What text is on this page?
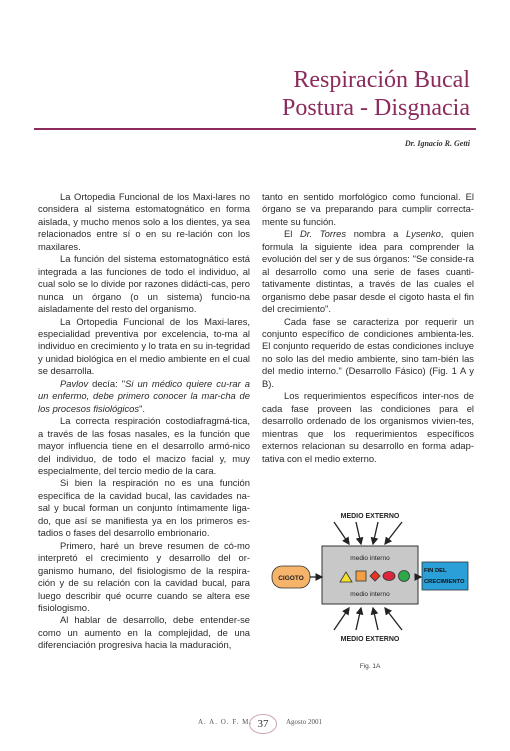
Respiración Bucal
Postura - Disgnacia
Dr. Ignacio R. Getti

La Ortopedia Funcional de los Maxi-lares no considera al sistema estomatognático en forma aislada, y mucho menos solo a los dientes, ya sea relacionados entre sí o en su re-lación con los maxilares.

La función del sistema estomatognático está integrada a las funciones de todo el individuo, al cual solo se lo divide por razones didácti-cas, pero nunca un órgano (o un sistema) funcio-na aisladamente del resto del organismo.

La Ortopedia Funcional de los Maxi-lares, especialidad preventiva por excelencia, to-ma al individuo en crecimiento y lo trata en su in-tegridad y unidad biológica en el medio ambiente en el cual se desarrolla.

Pavlov decía: "Si un médico quiere cu-rar a un enfermo, debe primero conocer la mar-cha de los procesos fisiológicos".

La correcta respiración costodiafragmá-tica, a través de las fosas nasales, es la función que mayor influencia tiene en el desarrollo armó-nico del individuo, de todo el macizo facial y, muy especialmente, del tercio medio de la cara.

Si bien la respiración no es una función específica de la cavidad bucal, las cavidades na-sal y bucal forman un conjunto íntimamente liga-do, que así se manifiesta ya en los primeros es-tadios o fases del desarrollo embrionario.

Primero, haré un breve resumen de có-mo interpretó el crecimiento y desarrollo del or-ganismo humano, del fisiologismo de la respira-ción y de su relación con la cavidad bucal, para luego describir qué ocurre cuando se altera ese fisiologismo.

Al hablar de desarrollo, debe entender-se como un aumento en la complejidad, de una diferenciación progresiva hacia la maduración,

tanto en sentido morfológico como funcional. El órgano se va preparando para cumplir correcta-mente su función.

El Dr. Torres nombra a Lysenko, quien formula la siguiente idea para comprender la evolución del ser y de sus órganos: "Se conside-ra al desarrollo como una serie de fases cuanti-tativamente distintas, a través de las cuales el organismo debe pasar desde el cigoto hasta el fin del crecimiento".

Cada fase se caracteriza por requerir un conjunto específico de condiciones ambienta-les. El conjunto requerido de estas condiciones incluye no solo las del medio ambiente, sino tam-bién las del medio interno." (Desarrollo Fásico) (Fig. 1 A y B).

Los requerimientos específicos inter-nos de cada fase proveen las condiciones para el desarrollo ordenado de los organismos vivien-tes, mientras que los requerimientos específicos externos relacionan su desarrollo en forma adap-tativa con el medio externo.

MEDIO EXTERNO
medio interno
medio interno
CIGOTO
FIN DEL
CRECIMIENTO
MEDIO EXTERNO
Fig. 1A
A. A. O. F. M. 37	Agosto 2001
